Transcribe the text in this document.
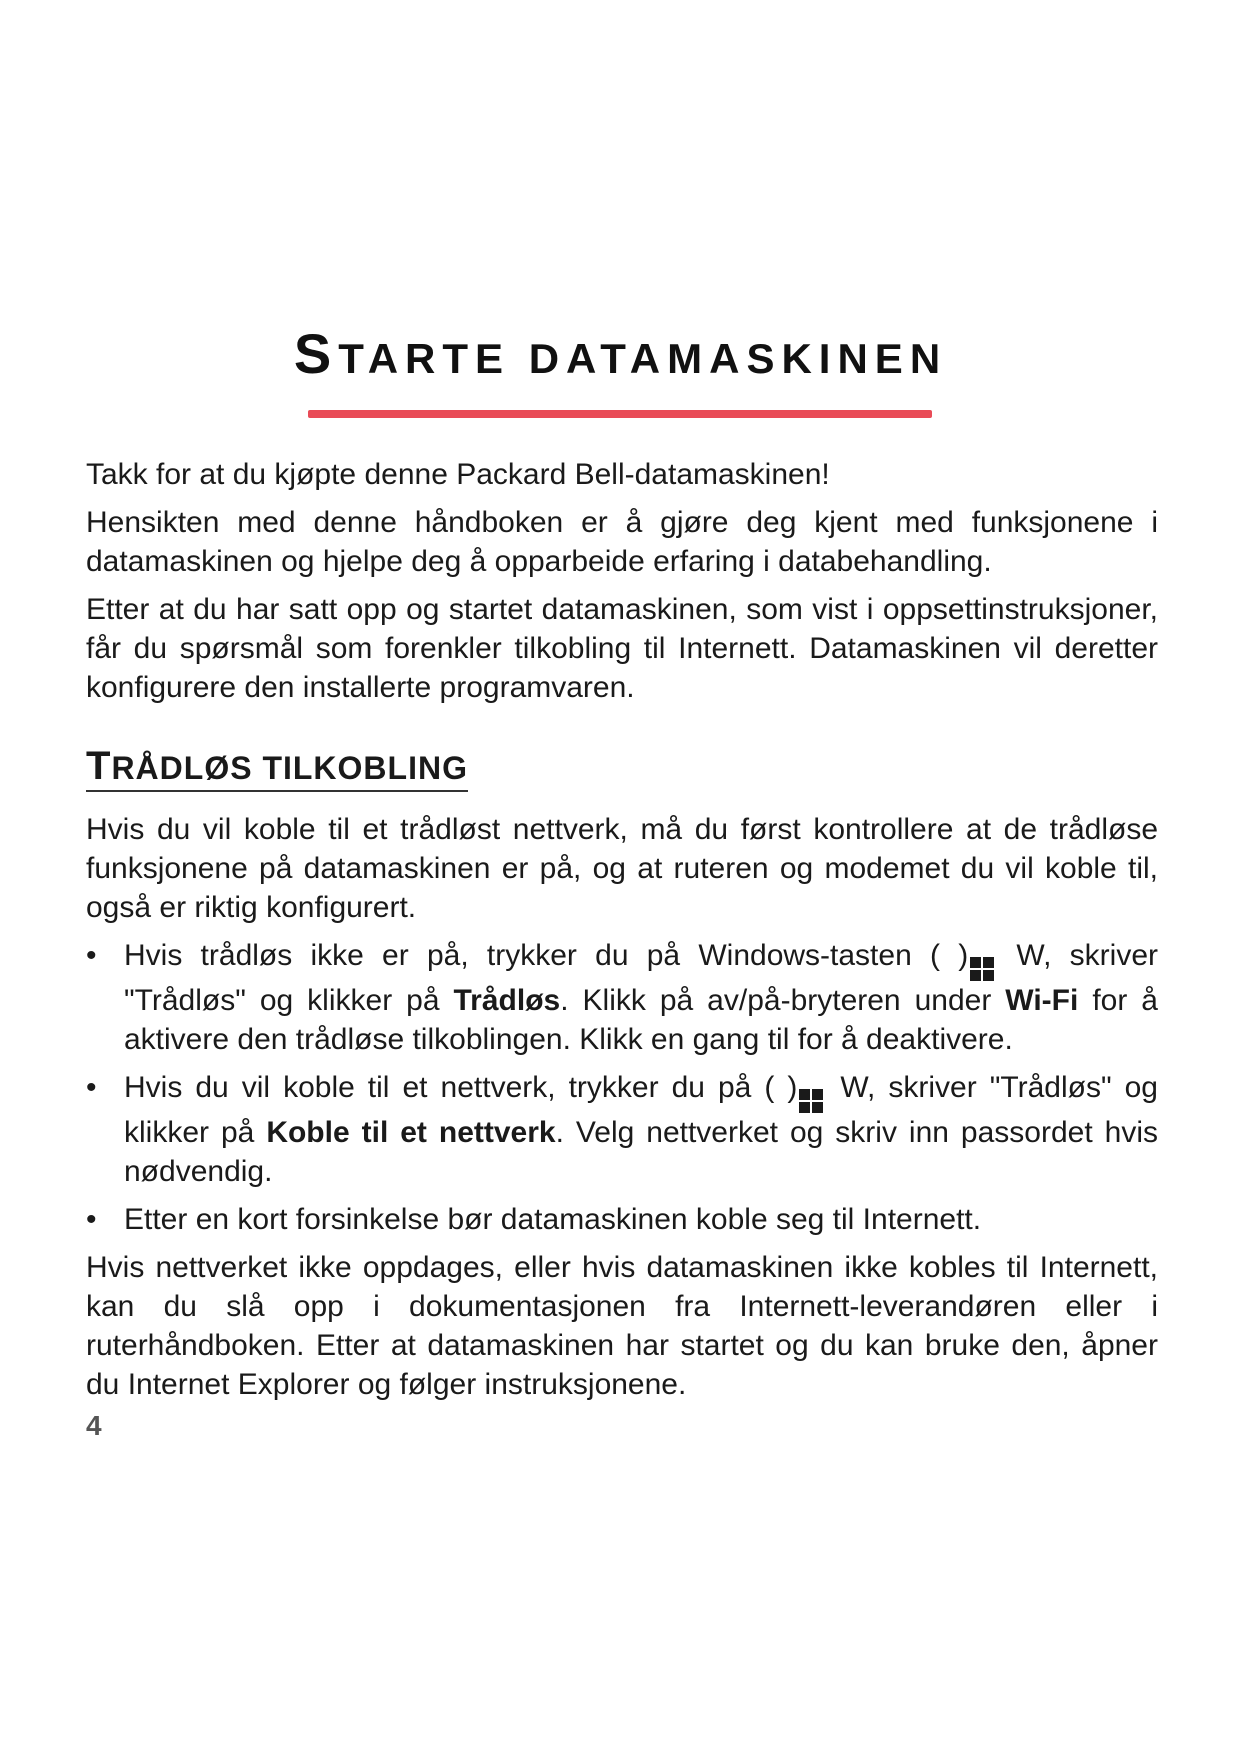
STARTE DATAMASKINEN

Takk for at du kjøpte denne Packard Bell-datamaskinen!

Hensikten med denne håndboken er å gjøre deg kjent med funksjonene i datamaskinen og hjelpe deg å opparbeide erfaring i databehandling.

Etter at du har satt opp og startet datamaskinen, som vist i oppsettinstruksjoner, får du spørsmål som forenkler tilkobling til Internett. Datamaskinen vil deretter konfigurere den installerte programvaren.

TRÅDLØS TILKOBLING

Hvis du vil koble til et trådløst nettverk, må du først kontrollere at de trådløse funksjonene på datamaskinen er på, og at ruteren og modemet du vil koble til, også er riktig konfigurert.

• Hvis trådløs ikke er på, trykker du på Windows-tasten ( )
W, skriver "Trådløs" og klikker på Trådløs. Klikk på av/på-bryteren under Wi-Fi for å aktivere den trådløse tilkoblingen. Klikk en gang til for å deaktivere.
• Hvis du vil koble til et nettverk, trykker du på ( )
W, skriver "Trådløs" og klikker på Koble til et nettverk. Velg nettverket og skriv inn passordet hvis nødvendig.
• Etter en kort forsinkelse bør datamaskinen koble seg til Internett.

Hvis nettverket ikke oppdages, eller hvis datamaskinen ikke kobles til Internett, kan du slå opp i dokumentasjonen fra Internett-leverandøren eller i ruterhåndboken. Etter at datamaskinen har startet og du kan bruke den, åpner du Internet Explorer og følger instruksjonene.

4
